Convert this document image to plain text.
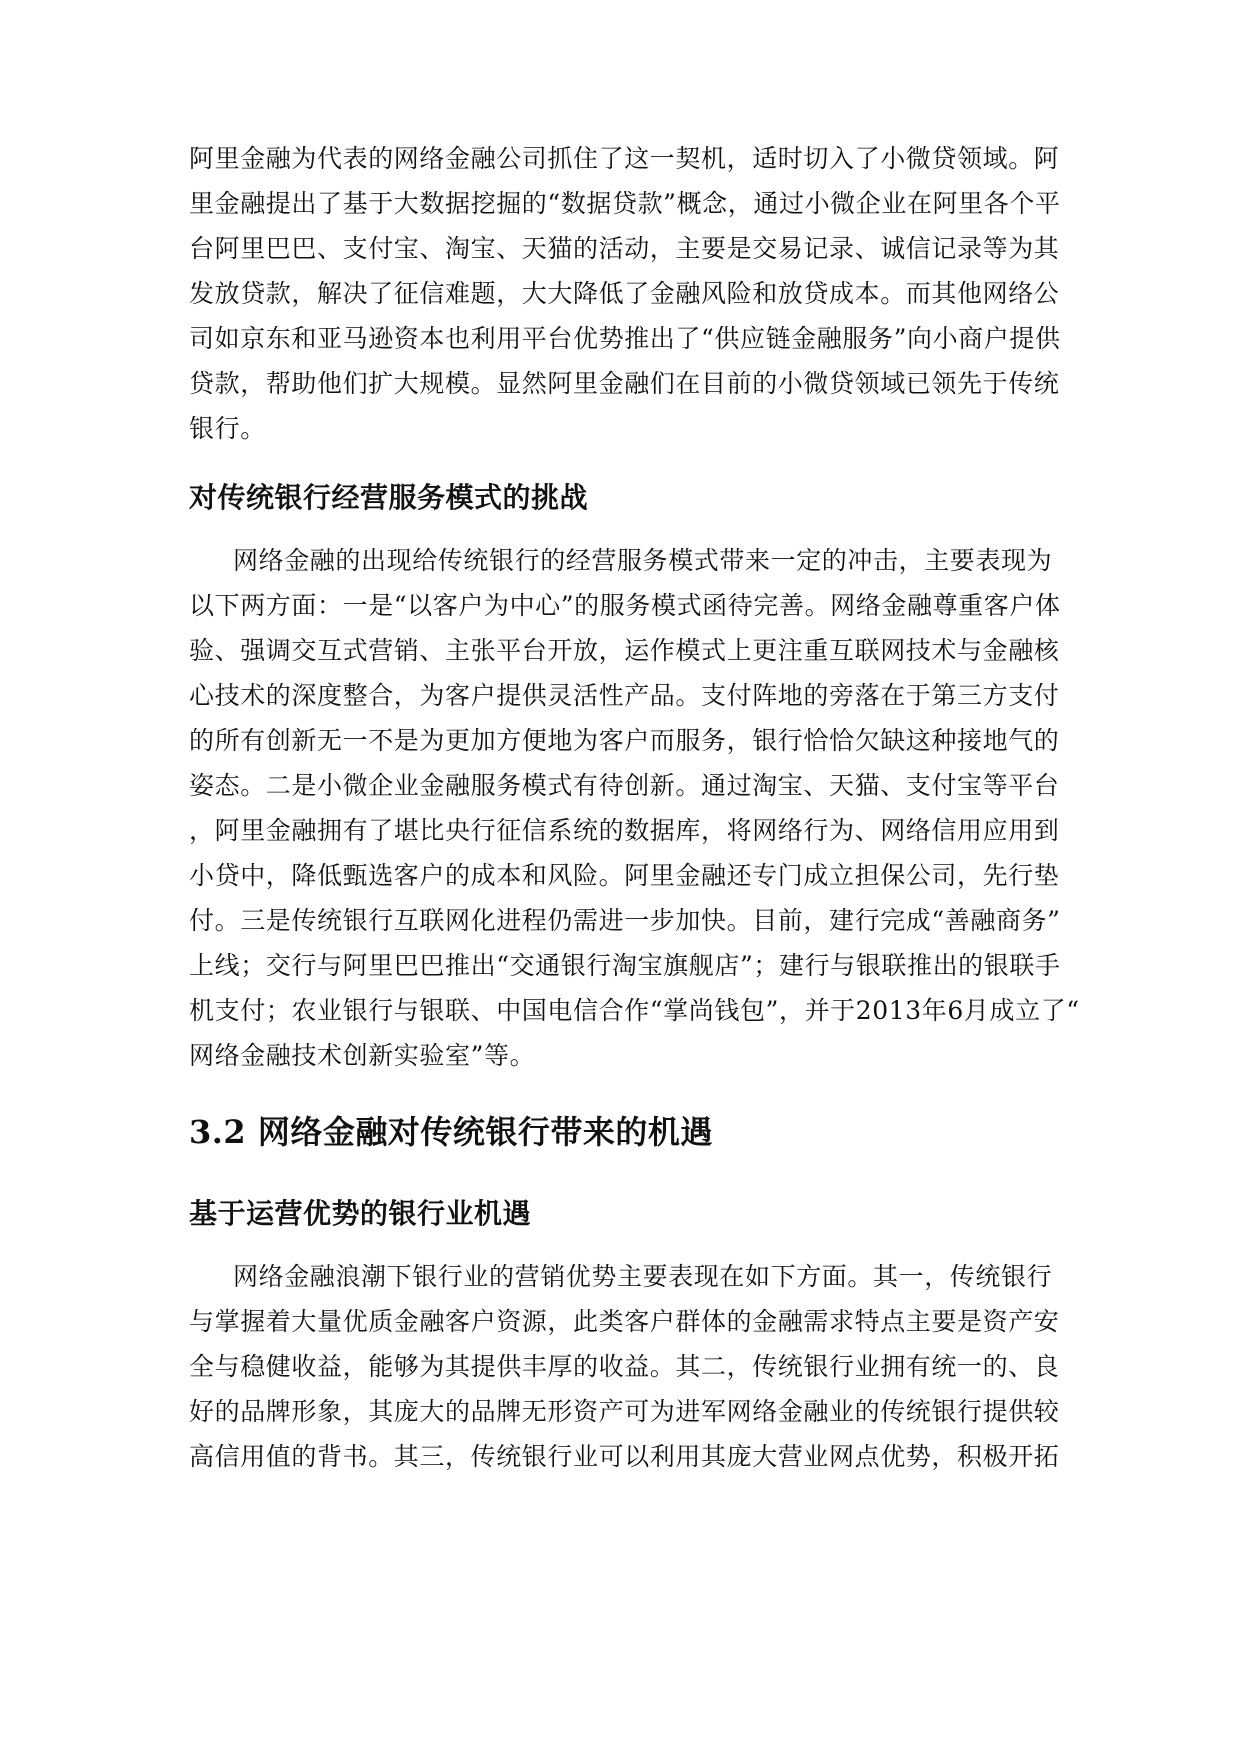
阿里金融为代表的网络金融公司抓住了这一契机，适时切入了小微贷领域。阿
里金融提出了基于大数据挖掘的“数据贷款”概念，通过小微企业在阿里各个平
台阿里巴巴、支付宝、淘宝、天猫的活动，主要是交易记录、诚信记录等为其
发放贷款，解决了征信难题，大大降低了金融风险和放贷成本。而其他网络公
司如京东和亚马逊资本也利用平台优势推出了“供应链金融服务”向小商户提供
贷款，帮助他们扩大规模。显然阿里金融们在目前的小微贷领域已领先于传统
银行。
对传统银行经营服务模式的挑战
网络金融的出现给传统银行的经营服务模式带来一定的冲击，主要表现为
以下两方面：一是“以客户为中心”的服务模式函待完善。网络金融尊重客户体
验、强调交互式营销、主张平台开放，运作模式上更注重互联网技术与金融核
心技术的深度整合，为客户提供灵活性产品。支付阵地的旁落在于第三方支付
的所有创新无一不是为更加方便地为客户而服务，银行恰恰欠缺这种接地气的
姿态。二是小微企业金融服务模式有待创新。通过淘宝、天猫、支付宝等平台
，阿里金融拥有了堪比央行征信系统的数据库，将网络行为、网络信用应用到
小贷中，降低甄选客户的成本和风险。阿里金融还专门成立担保公司，先行垫
付。三是传统银行互联网化进程仍需进一步加快。目前，建行完成“善融商务”
上线；交行与阿里巴巴推出“交通银行淘宝旗舰店”；建行与银联推出的银联手
机支付；农业银行与银联、中国电信合作“掌尚钱包”，并于2013年6月成立了“
网络金融技术创新实验室”等。
3.2 网络金融对传统银行带来的机遇
基于运营优势的银行业机遇
网络金融浪潮下银行业的营销优势主要表现在如下方面。其一，传统银行
与掌握着大量优质金融客户资源，此类客户群体的金融需求特点主要是资产安
全与稳健收益，能够为其提供丰厚的收益。其二，传统银行业拥有统一的、良
好的品牌形象，其庞大的品牌无形资产可为进军网络金融业的传统银行提供较
高信用值的背书。其三，传统银行业可以利用其庞大营业网点优势，积极开拓
